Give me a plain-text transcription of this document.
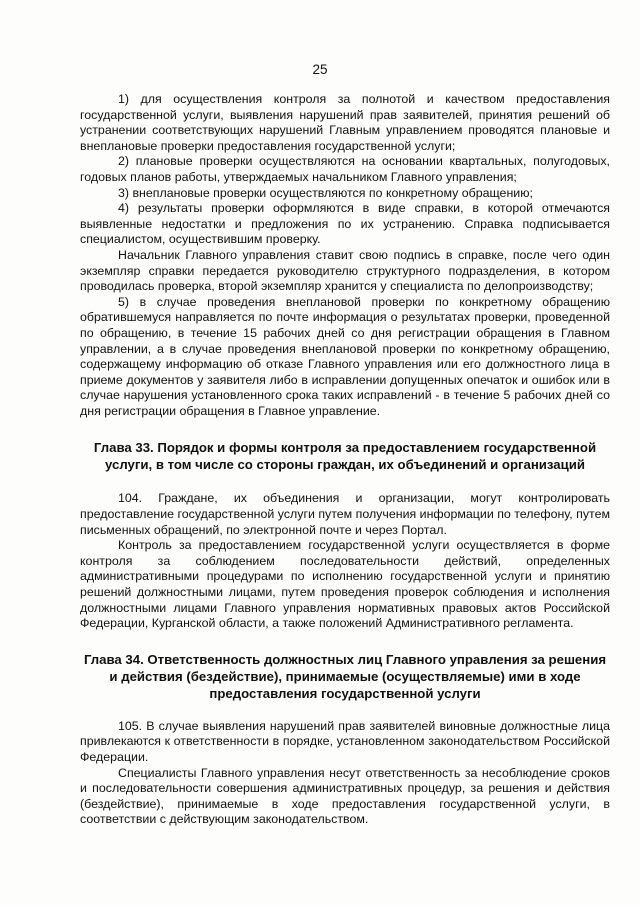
25

1) для осуществления контроля за полнотой и качеством предоставления государственной услуги, выявления нарушений прав заявителей, принятия решений об устранении соответствующих нарушений Главным управлением проводятся плановые и внеплановые проверки предоставления государственной услуги;

2) плановые проверки осуществляются на основании квартальных, полугодовых, годовых планов работы, утверждаемых начальником Главного управления;

3) внеплановые проверки осуществляются по конкретному обращению;

4) результаты проверки оформляются в виде справки, в которой отмечаются выявленные недостатки и предложения по их устранению. Справка подписывается специалистом, осуществившим проверку.

Начальник Главного управления ставит свою подпись в справке, после чего один экземпляр справки передается руководителю структурного подразделения, в котором проводилась проверка, второй экземпляр хранится у специалиста по делопроизводству;

5) в случае проведения внеплановой проверки по конкретному обращению обратившемуся направляется по почте информация о результатах проверки, проведенной по обращению, в течение 15 рабочих дней со дня регистрации обращения в Главном управлении, а в случае проведения внеплановой проверки по конкретному обращению, содержащему информацию об отказе Главного управления или его должностного лица в приеме документов у заявителя либо в исправлении допущенных опечаток и ошибок или в случае нарушения установленного срока таких исправлений - в течение 5 рабочих дней со дня регистрации обращения в Главное управление.

Глава 33. Порядок и формы контроля за предоставлением государственной услуги, в том числе со стороны граждан, их объединений и организаций

104. Граждане, их объединения и организации, могут контролировать предоставление государственной услуги путем получения информации по телефону, путем письменных обращений, по электронной почте и через Портал.

Контроль за предоставлением государственной услуги осуществляется в форме контроля за соблюдением последовательности действий, определенных административными процедурами по исполнению государственной услуги и принятию решений должностными лицами, путем проведения проверок соблюдения и исполнения должностными лицами Главного управления нормативных правовых актов Российской Федерации, Курганской области, а также положений Административного регламента.

Глава 34. Ответственность должностных лиц Главного управления за решения и действия (бездействие), принимаемые (осуществляемые) ими в ходе предоставления государственной услуги

105. В случае выявления нарушений прав заявителей виновные должностные лица привлекаются к ответственности в порядке, установленном законодательством Российской Федерации.

Специалисты Главного управления несут ответственность за несоблюдение сроков и последовательности совершения административных процедур, за решения и действия (бездействие), принимаемые в ходе предоставления государственной услуги, в соответствии с действующим законодательством.
